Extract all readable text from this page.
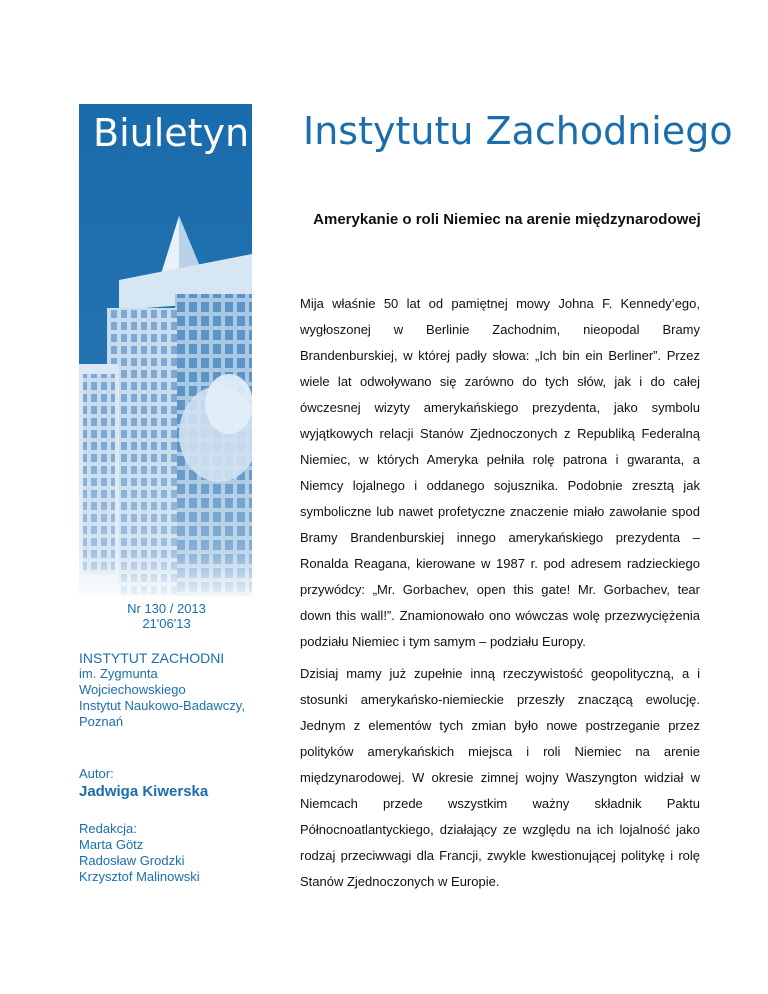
Biuletyn Instytutu Zachodniego
Nr 130 / 2013
21'06'13
INSTYTUT ZACHODNI
im. Zygmunta
Wojciechowskiego
Instytut Naukowo-Badawczy,
Poznań
Autor:
Jadwiga Kiwerska
Redakcja:
Marta Götz
Radosław Grodzki
Krzysztof Malinowski
Amerykanie o roli Niemiec na arenie międzynarodowej

Mija właśnie 50 lat od pamiętnej mowy Johna F. Kennedy’ego, wygłoszonej w Berlinie Zachodnim, nieopodal Bramy Brandenburskiej, w której padły słowa: „Ich bin ein Berliner”. Przez wiele lat odwoływano się zarówno do tych słów, jak i do całej ówczesnej wizyty amerykańskiego prezydenta, jako symbolu wyjątkowych relacji Stanów Zjednoczonych z Republiką Federalną Niemiec, w których Ameryka pełniła rolę patrona i gwaranta, a Niemcy lojalnego i oddanego sojusznika. Podobnie zresztą jak symboliczne lub nawet profetyczne znaczenie miało zawołanie spod Bramy Brandenburskiej innego amerykańskiego prezydenta – Ronalda Reagana, kierowane w 1987 r. pod adresem radzieckiego przywódcy: „Mr. Gorbachev, open this gate! Mr. Gorbachev, tear down this wall!”. Znamionowało ono wówczas wolę przezwyciężenia podziału Niemiec i tym samym – podziału Europy.

Dzisiaj mamy już zupełnie inną rzeczywistość geopolityczną, a i stosunki amerykańsko-niemieckie przeszły znaczącą ewolucję. Jednym z elementów tych zmian było nowe postrzeganie przez polityków amerykańskich miejsca i roli Niemiec na arenie międzynarodowej. W okresie zimnej wojny Waszyngton widział w Niemcach przede wszystkim ważny składnik Paktu Północnoatlantyckiego, działający ze względu na ich lojalność jako rodzaj przeciwwagi dla Francji, zwykle kwestionującej politykę i rolę Stanów Zjednoczonych w Europie.
